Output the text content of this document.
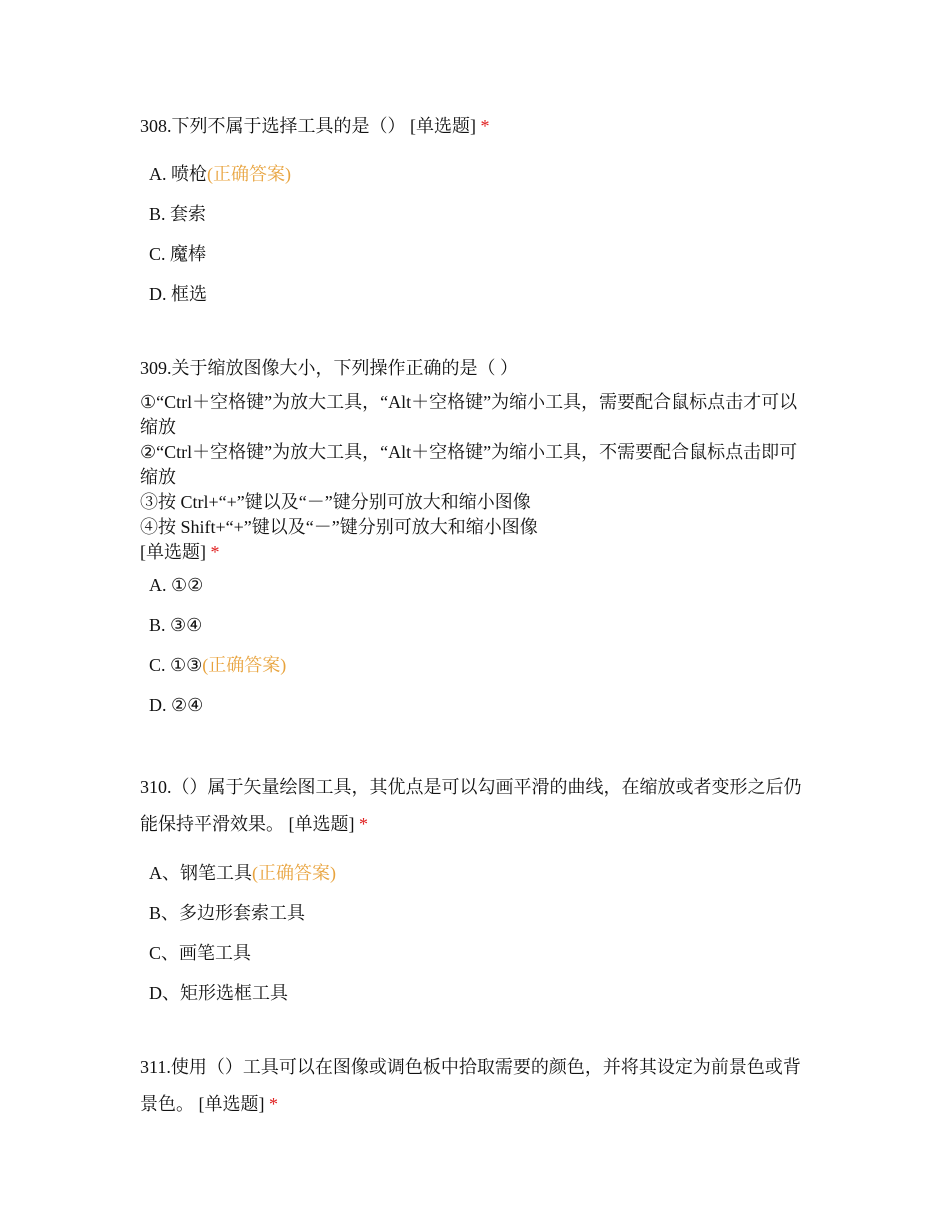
308.下列不属于选择工具的是（） [单选题] *

A. 喷枪(正确答案)
B. 套索
C. 魔棒
D. 框选

309.关于缩放图像大小，下列操作正确的是（ ）

①“Ctrl＋空格键”为放大工具，“Alt＋空格键”为缩小工具，需要配合鼠标点击才可以缩放
②“Ctrl＋空格键”为放大工具，“Alt＋空格键”为缩小工具，不需要配合鼠标点击即可缩放
③按 Ctrl+“+”键以及“－”键分别可放大和缩小图像
④按 Shift+“+”键以及“－”键分别可放大和缩小图像
[单选题] *
A. ①②
B. ③④
C. ①③(正确答案)
D. ②④

310.（）属于矢量绘图工具，其优点是可以勾画平滑的曲线，在缩放或者变形之后仍能保持平滑效果。 [单选题] *

A、钢笔工具(正确答案)
B、多边形套索工具
C、画笔工具
D、矩形选框工具

311.使用（）工具可以在图像或调色板中拾取需要的颜色，并将其设定为前景色或背景色。 [单选题] *
